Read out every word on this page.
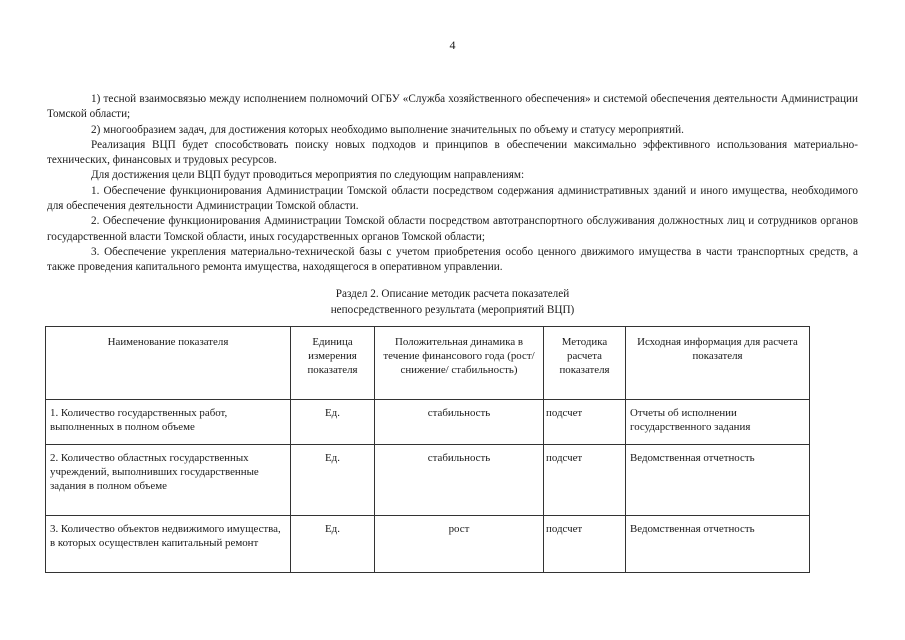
4

1) тесной взаимосвязью между исполнением полномочий ОГБУ «Служба хозяйственного обеспечения» и системой обеспечения деятельности Администрации Томской области;

2) многообразием задач, для достижения которых необходимо выполнение значительных по объему и статусу мероприятий.

Реализация ВЦП будет способствовать поиску новых подходов и принципов в обеспечении максимально эффективного использования материально-технических, финансовых и трудовых ресурсов.

Для достижения цели ВЦП будут проводиться мероприятия по следующим направлениям:

1. Обеспечение функционирования Администрации Томской области посредством содержания административных зданий и иного имущества, необходимого для обеспечения деятельности Администрации Томской области.

2. Обеспечение функционирования Администрации Томской области посредством автотранспортного обслуживания должностных лиц и сотрудников органов государственной власти Томской области, иных государственных органов Томской области;

3. Обеспечение укрепления материально-технической базы с учетом приобретения особо ценного движимого имущества в части транспортных средств, а также проведения капитального ремонта имущества, находящегося в оперативном управлении.

Раздел 2. Описание методик расчета показателей
непосредственного результата (мероприятий ВЦП)
Наименование показателя	Единица измерения показателя	Положительная динамика в течение финансового года (рост/снижение/ стабильность)	Методика расчета показателя	Исходная информация для расчета показателя
1. Количество государственных работ, выполненных в полном объеме	Ед.	стабильность	подсчет	Отчеты об исполнении государственного задания
2. Количество областных государственных учреждений, выполнивших государственные задания в полном объеме	Ед.	стабильность	подсчет	Ведомственная отчетность
3. Количество объектов недвижимого имущества, в которых осуществлен капитальный ремонт	Ед.	рост	подсчет	Ведомственная отчетность
